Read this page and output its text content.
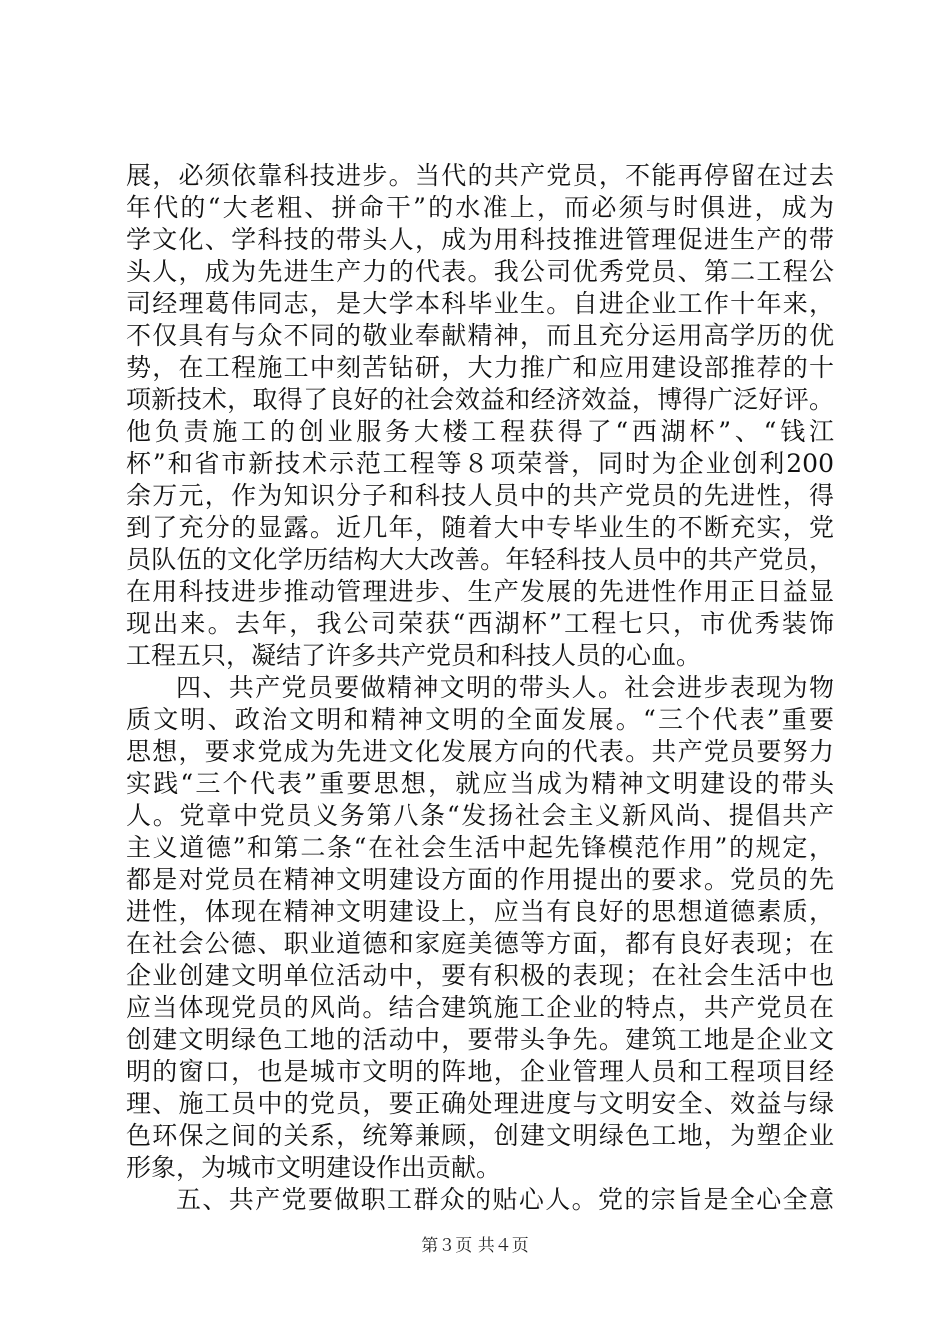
展，必须依靠科技进步。当代的共产党员，不能再停留在过去
年代的“大老粗、拼命干”的水准上，而必须与时俱进，成为
学文化、学科技的带头人，成为用科技推进管理促进生产的带
头人，成为先进生产力的代表。我公司优秀党员、第二工程公
司经理葛伟同志，是大学本科毕业生。自进企业工作十年来，
不仅具有与众不同的敬业奉献精神，而且充分运用高学历的优
势，在工程施工中刻苦钻研，大力推广和应用建设部推荐的十
项新技术，取得了良好的社会效益和经济效益，博得广泛好评。
他负责施工的创业服务大楼工程获得了“西湖杯”、“钱江
杯”和省市新技术示范工程等８项荣誉，同时为企业创利200
余万元，作为知识分子和科技人员中的共产党员的先进性，得
到了充分的显露。近几年，随着大中专毕业生的不断充实，党
员队伍的文化学历结构大大改善。年轻科技人员中的共产党员，
在用科技进步推动管理进步、生产发展的先进性作用正日益显
现出来。去年，我公司荣获“西湖杯”工程七只，市优秀装饰
工程五只，凝结了许多共产党员和科技人员的心血。
四、共产党员要做精神文明的带头人。社会进步表现为物
质文明、政治文明和精神文明的全面发展。“三个代表”重要
思想，要求党成为先进文化发展方向的代表。共产党员要努力
实践“三个代表”重要思想，就应当成为精神文明建设的带头
人。党章中党员义务第八条“发扬社会主义新风尚、提倡共产
主义道德”和第二条“在社会生活中起先锋模范作用”的规定，
都是对党员在精神文明建设方面的作用提出的要求。党员的先
进性，体现在精神文明建设上，应当有良好的思想道德素质，
在社会公德、职业道德和家庭美德等方面，都有良好表现；在
企业创建文明单位活动中，要有积极的表现；在社会生活中也
应当体现党员的风尚。结合建筑施工企业的特点，共产党员在
创建文明绿色工地的活动中，要带头争先。建筑工地是企业文
明的窗口，也是城市文明的阵地，企业管理人员和工程项目经
理、施工员中的党员，要正确处理进度与文明安全、效益与绿
色环保之间的关系，统筹兼顾，创建文明绿色工地，为塑企业
形象，为城市文明建设作出贡献。
五、共产党要做职工群众的贴心人。党的宗旨是全心全意
第３页 共４页
